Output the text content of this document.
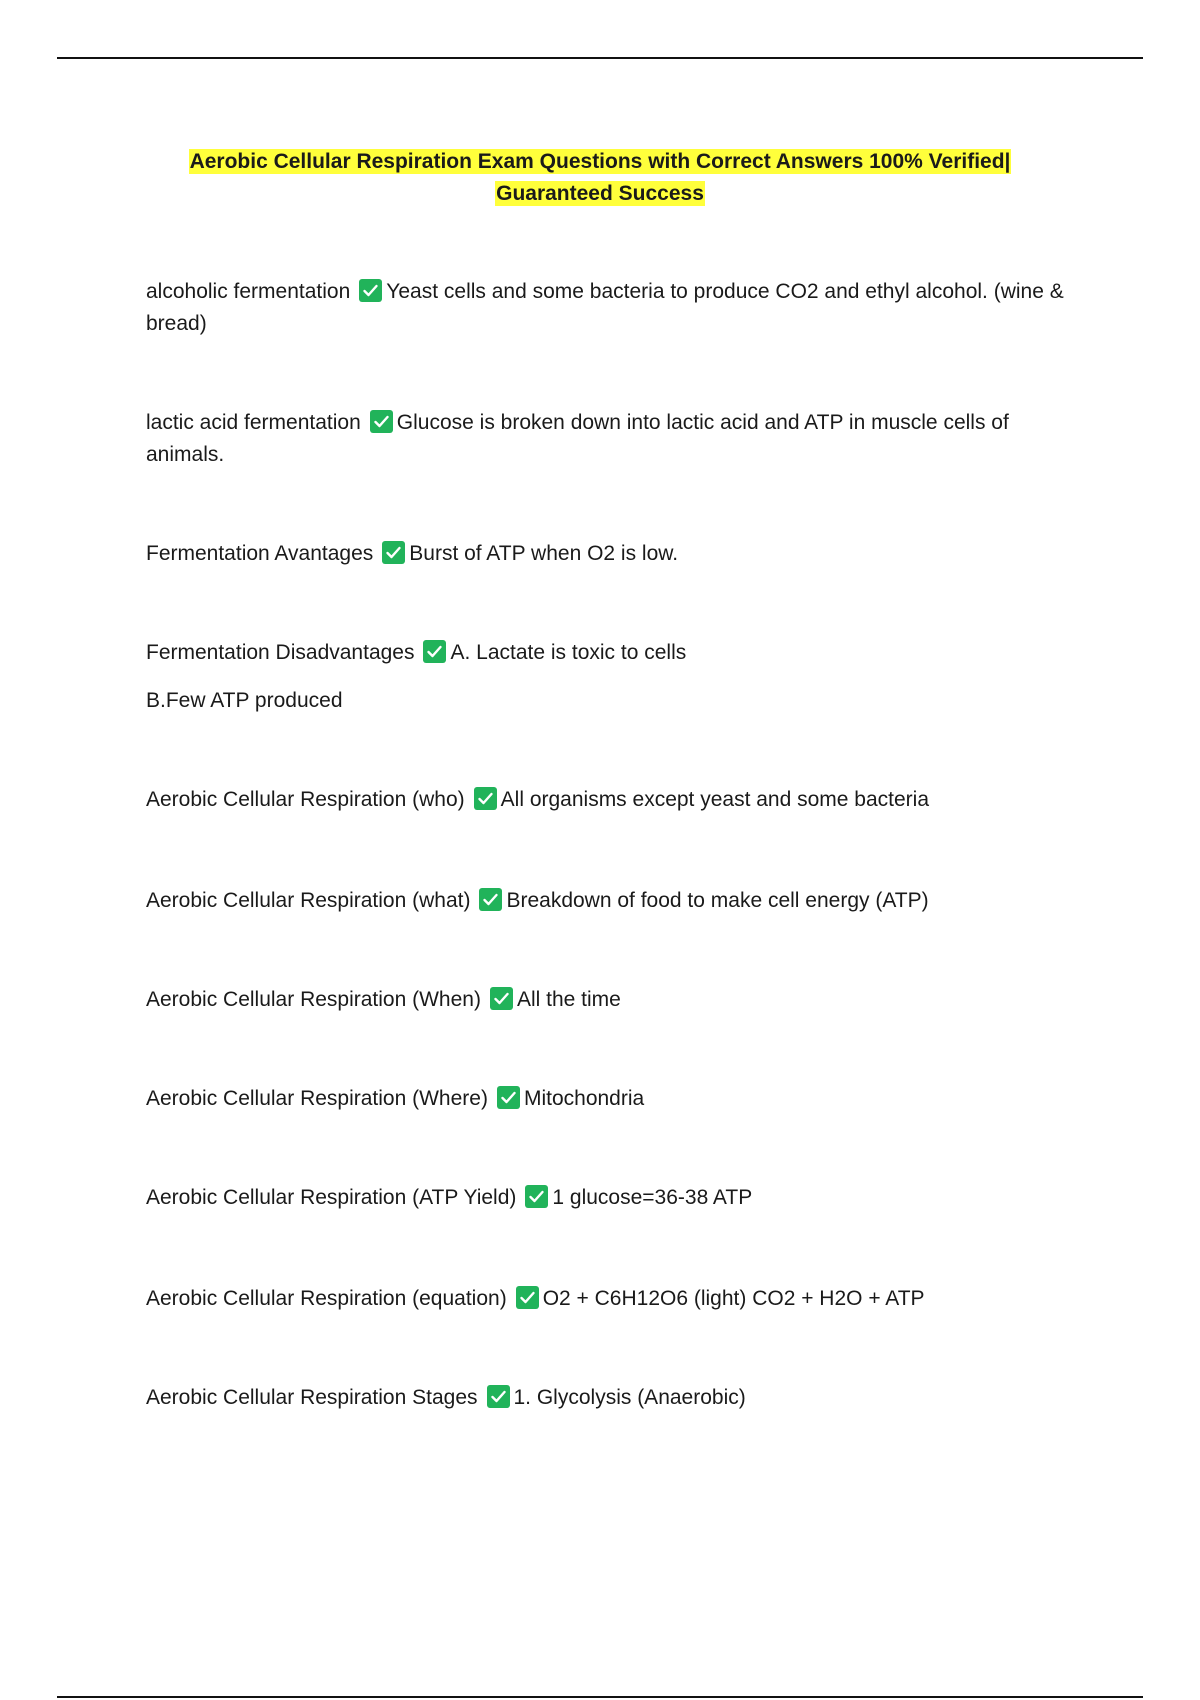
Aerobic Cellular Respiration Exam Questions with Correct Answers 100% Verified|
Guaranteed Success
alcoholic fermentation Yeast cells and some bacteria to produce CO2 and ethyl alcohol. (wine & bread)
lactic acid fermentation Glucose is broken down into lactic acid and ATP in muscle cells of animals.
Fermentation Avantages Burst of ATP when O2 is low.
Fermentation Disadvantages A. Lactate is toxic to cells
B.Few ATP produced
Aerobic Cellular Respiration (who) All organisms except yeast and some bacteria
Aerobic Cellular Respiration (what) Breakdown of food to make cell energy (ATP)
Aerobic Cellular Respiration (When) All the time
Aerobic Cellular Respiration (Where) Mitochondria
Aerobic Cellular Respiration (ATP Yield) 1 glucose=36-38 ATP
Aerobic Cellular Respiration (equation) O2 + C6H12O6 (light) CO2 + H2O + ATP
Aerobic Cellular Respiration Stages 1. Glycolysis (Anaerobic)
